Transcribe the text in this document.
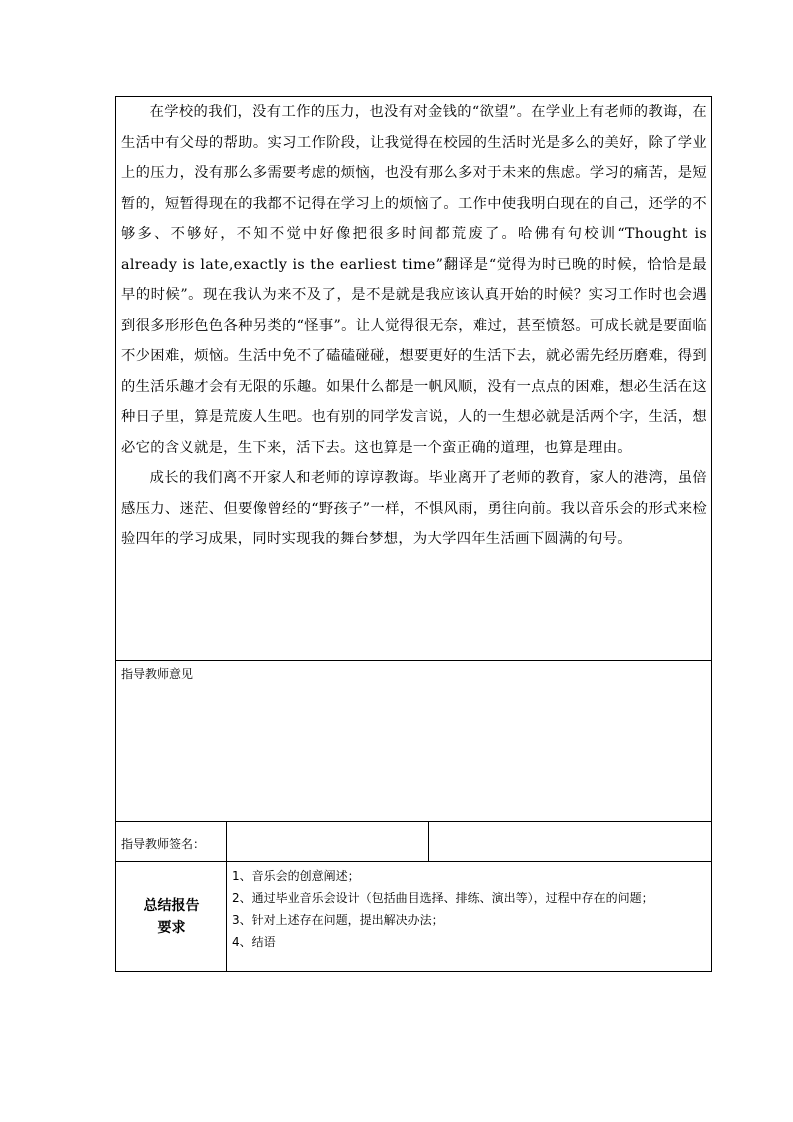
在学校的我们，没有工作的压力，也没有对金钱的“欲望”。在学业上有老师的教诲，在生活中有父母的帮助。实习工作阶段，让我觉得在校园的生活时光是多么的美好，除了学业上的压力，没有那么多需要考虑的烦恼，也没有那么多对于未来的焦虑。学习的痛苦，是短暂的，短暂得现在的我都不记得在学习上的烦恼了。工作中使我明白现在的自己，还学的不够多、不够好，不知不觉中好像把很多时间都荒废了。哈佛有句校训“Thought is already is late,exactly is the earliest time”翻译是“觉得为时已晚的时候，恰恰是最早的时候”。现在我认为来不及了，是不是就是我应该认真开始的时候？实习工作时也会遇到很多形形色色各种另类的“怪事”。让人觉得很无奈，难过，甚至愤怒。可成长就是要面临不少困难，烦恼。生活中免不了磕磕碰碰，想要更好的生活下去，就必需先经历磨难，得到的生活乐趣才会有无限的乐趣。如果什么都是一帆风顺，没有一点点的困难，想必生活在这种日子里，算是荒废人生吧。也有别的同学发言说，人的一生想必就是活两个字，生活，想必它的含义就是，生下来，活下去。这也算是一个蛮正确的道理，也算是理由。

成长的我们离不开家人和老师的谆谆教诲。毕业离开了老师的教育，家人的港湾，虽倍感压力、迷茫、但要像曾经的“野孩子”一样，不惧风雨，勇往向前。我以音乐会的形式来检验四年的学习成果，同时实现我的舞台梦想，为大学四年生活画下圆满的句号。

指导教师意见
指导教师签名：
总结报告要求
1、音乐会的创意阐述；
2、通过毕业音乐会设计（包括曲目选择、排练、演出等），过程中存在的问题；
3、针对上述存在问题，提出解决办法；
4、结语
